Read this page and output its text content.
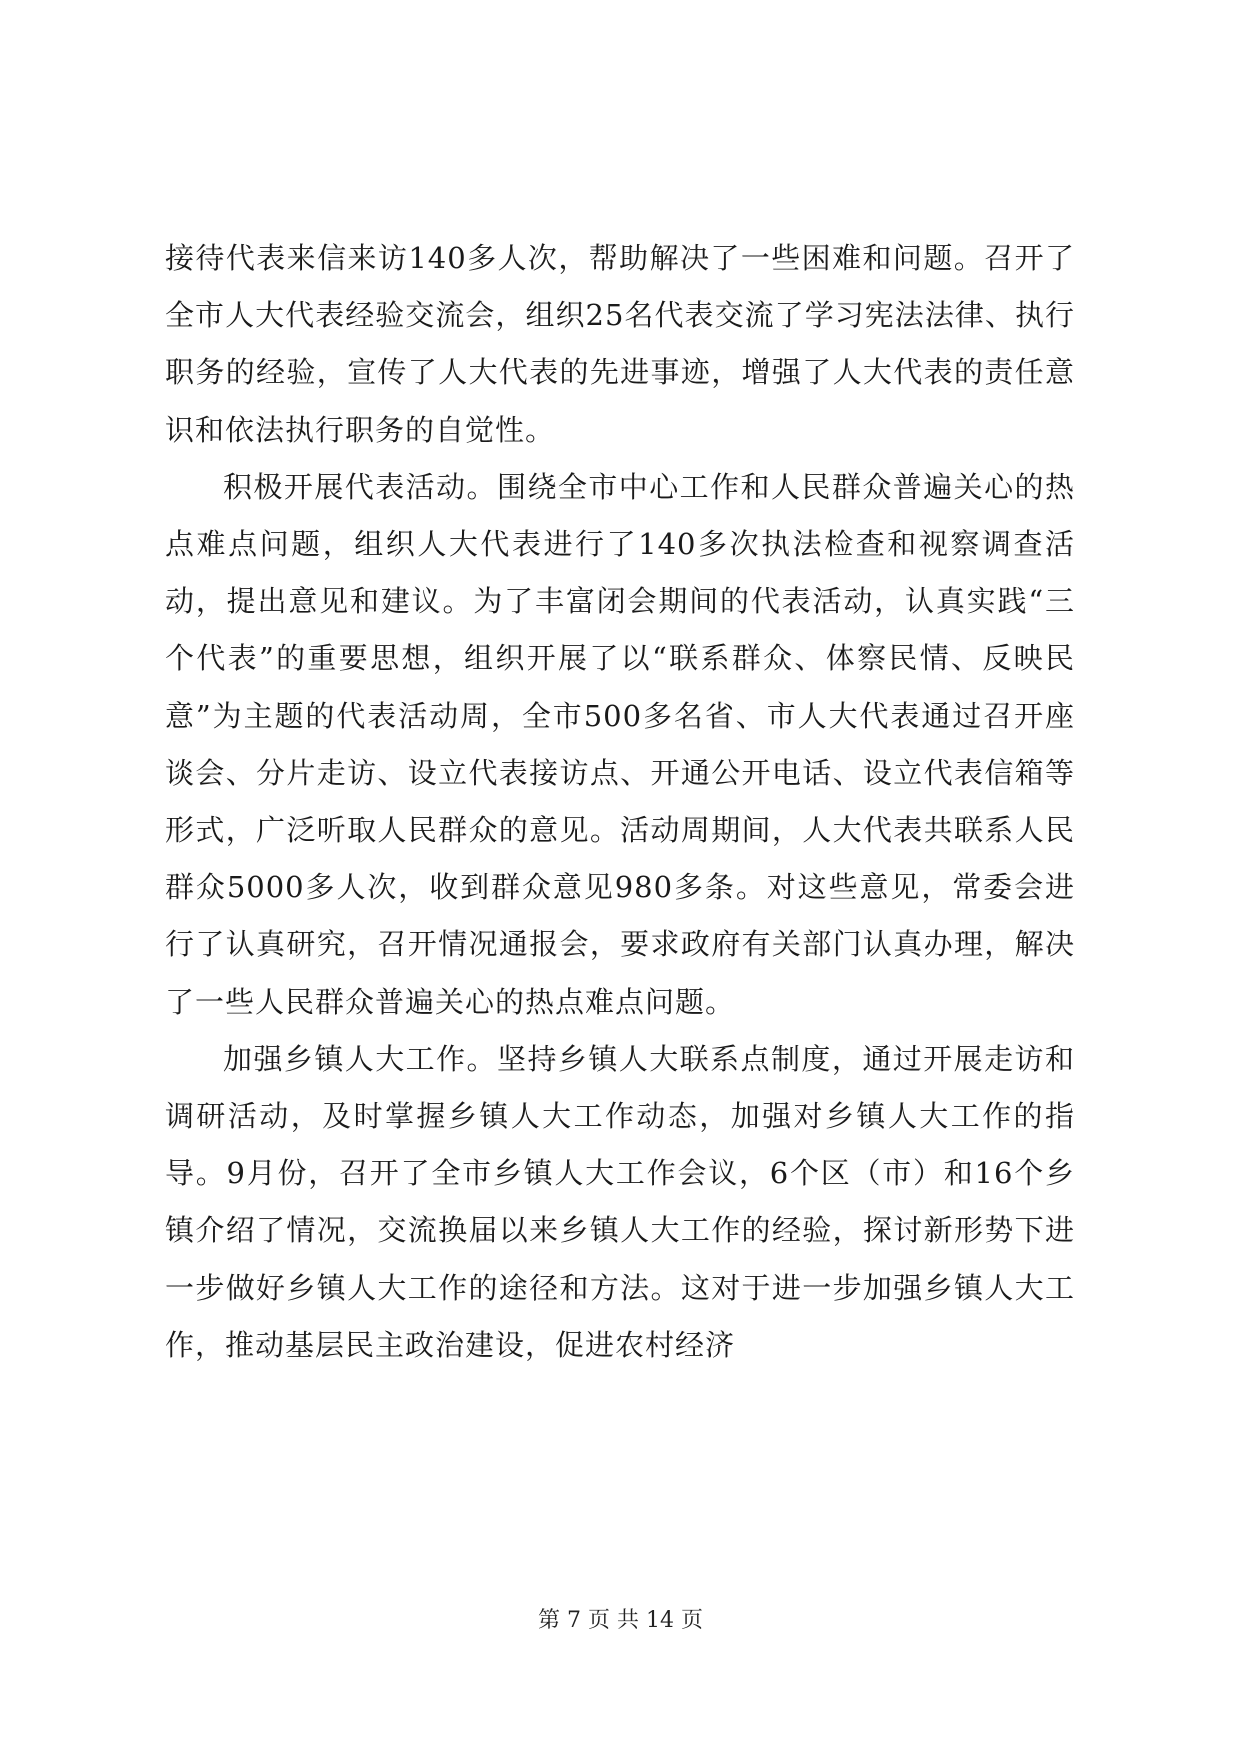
接待代表来信来访140多人次，帮助解决了一些困难和问题。召开了全市人大代表经验交流会，组织25名代表交流了学习宪法法律、执行职务的经验，宣传了人大代表的先进事迹，增强了人大代表的责任意识和依法执行职务的自觉性。

积极开展代表活动。围绕全市中心工作和人民群众普遍关心的热点难点问题，组织人大代表进行了140多次执法检查和视察调查活动，提出意见和建议。为了丰富闭会期间的代表活动，认真实践“三个代表”的重要思想，组织开展了以“联系群众、体察民情、反映民意”为主题的代表活动周，全市500多名省、市人大代表通过召开座谈会、分片走访、设立代表接访点、开通公开电话、设立代表信箱等形式，广泛听取人民群众的意见。活动周期间，人大代表共联系人民群众5000多人次，收到群众意见980多条。对这些意见，常委会进行了认真研究，召开情况通报会，要求政府有关部门认真办理，解决了一些人民群众普遍关心的热点难点问题。

加强乡镇人大工作。坚持乡镇人大联系点制度，通过开展走访和调研活动，及时掌握乡镇人大工作动态，加强对乡镇人大工作的指导。9月份，召开了全市乡镇人大工作会议，6个区（市）和16个乡镇介绍了情况，交流换届以来乡镇人大工作的经验，探讨新形势下进一步做好乡镇人大工作的途径和方法。这对于进一步加强乡镇人大工作，推动基层民主政治建设，促进农村经济

第 7 页 共 14 页
